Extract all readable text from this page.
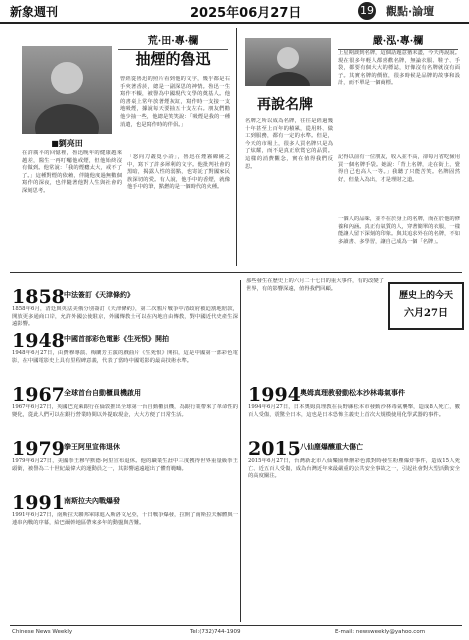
新象週刊	2025年06月27日	19 觀點·論壇
荒·田·專·欄
抽煙的魯迅
■劉亮田
曾經從魯迅的照片看到他的文字，幾乎都是右手夾著香菸，總是一副深思的神情。魯迅一生寫作不輟，被譽為中國現代文學的奠基人。他的書桌上常年放著煙灰缸，寫作時一支接一支地吸煙，據說每天要抽五十支左右。朋友們勸他少抽一些，他總是笑笑說：「吸煙是我的一種消遣，也是寫作時的伴侶。」
在許廣平的回憶裡，魯迅晚年的健康越來越差，醫生一再叮囑他戒煙，但他始終沒有做到。他常說：「我的煙癮太大，戒不了了。」這種對煙的依賴，伴隨他度過無數個寫作的深夜，也伴隨著他對人生與社會的深刻思考。
「怒向刀叢覓小詩」，魯迅在煙霧繚繞之中，寫下了許多犀利的文字。他批判社會的黑暗，揭露人性的弱點，也寄託了對國家民族深切的愛。有人說，他手中的香煙，就像他手中的筆，點燃的是一個時代的火種。
嚴·泓·專·欄
再說名牌
上星期談到名牌，這個話題意猶未盡，今天再說說。現在很多年輕人都喜歡名牌，無論衣服、鞋子、手袋，都要有個大大的標誌，好像沒有名牌就沒有面子。其實名牌的價值，很多時候是品牌的故事和設計，而不單是一個商標。
名牌之所以成為名牌，往往是經過幾十年甚至上百年的積累，從用料、做工到服務，都有一定的水準。但是，今天的市場上，很多人買名牌只是為了炫耀，而不是真正欣賞它的品質。這樣的消費觀念，實在值得我們反思。
記得以前有一位朋友，收入並不高，卻每月省吃儉用買一個名牌手袋。她說：「背上名牌，走在街上，覺得自己也高人一等。」我聽了只能苦笑。名牌固然好，但量入為出，才是理財之道。
一個人的品味，並不在於身上的名牌，而在於他的修養和內涵。真正有氣質的人，穿著簡單的衣服，一樣能讓人留下深刻的印象。與其追求外在的名牌，不如多讀書、多學習，讓自己成為一個「名牌」。
歷史上的今天
六月27日
那些發生在歷史上的六月二十七日的重大事件，有的改變了世界，有的影響深遠，值得我們回顧。
1858 中法簽訂《天津條約》
1858年6月，清廷與英法美俄分別簽訂《天津條約》，第二次鴉片戰爭中清政府被迫割地賠款，開放更多通商口岸，允許外國公使駐京，外國傳教士可以在內地自由傳教，對中國近代史產生深遠影響。
1948 中國首部彩色電影《生死恨》開拍
1948年6月27日，由費穆導演、梅蘭芳主演的戲曲片《生死恨》開拍，這是中國第一部彩色電影，在中國電影史上具有里程碑意義，代表了當時中國電影的最高技術水準。
1967 全球首台自動櫃員機啟用
1967年6月27日，英國巴克萊銀行在倫敦推出全球第一台自動櫃員機，為銀行業帶來了革命性的變化，從此人們可以在銀行營業時間以外提取現金，大大方便了日常生活。
1979 拳王阿里宣佈退休
1979年6月27日，美國拳王穆罕默德·阿里宣布退休。他的職業生涯中三度獲得世界重量級拳王頭銜，被譽為二十世紀最偉大的運動員之一，其影響遠遠超出了體育範疇。
1991 南斯拉夫內戰爆發
1991年6月27日，南斯拉夫聯邦軍隊進入斯洛文尼亞，十日戰爭爆發，拉開了南斯拉夫解體與一連串內戰的序幕，給巴爾幹地區帶來多年的動盪與苦難。
1994 奧姆真理教發動松本沙林毒氣事件
1994年6月27日，日本奧姆真理教在長野縣松本市發動沙林毒氣襲擊，造成8人死亡，數百人受傷，震驚全日本，這也是日本恐怖主義史上首次大規模使用化學武器的事件。
2015 八仙塵爆釀重大傷亡
2015年6月27日，台灣新北市八仙樂園舉辦彩色派對時發生粉塵爆炸事件，造成15人死亡、近五百人受傷，成為台灣近年來最嚴重的公共安全事故之一，引起社會對大型活動安全的高度關注。
Chinese News Weekly	Tel:(732)744-1909	E-mail: newsweekly@yahoo.com
